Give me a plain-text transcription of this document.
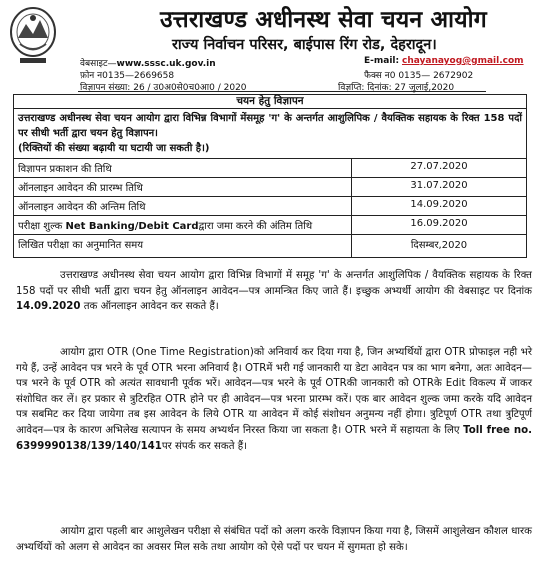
उत्तराखण्ड अधीनस्थ सेवा चयन आयोग
राज्य निर्वाचन परिसर, बाईपास रिंग रोड, देहरादून।
वेबसाइट—www.sssc.uk.gov.in	E-mail: chayanayog@gmail.com
फ़ोन न0135—2669658	फैक्स न0 0135— 2672902
विज्ञापन संख्या: 26 / उ0अ0से0च0आ0 / 2020	विज्ञप्ति: दिनांक: 27 जुलाई,2020
चयन हेतु विज्ञापन
उत्तराखण्ड अधीनस्थ सेवा चयन आयोग द्वारा विभिन्न विभागों मेंसमूह 'ग' के अन्तर्गत आशुलिपिक / वैयक्तिक सहायक के रिक्त 158 पदों पर सीधी भर्ती द्वारा चयन हेतु विज्ञापन।
(रिक्तियों की संख्या बढ़ायी या घटायी जा सकती है।)
विज्ञापन प्रकाशन की तिथि	27.07.2020
ऑनलाइन आवेदन की प्रारम्भ तिथि	31.07.2020
ऑनलाइन आवेदन की अन्तिम तिथि	14.09.2020
परीक्षा शुल्क Net Banking/Debit Cardद्वारा जमा करने की अंतिम तिथि	16.09.2020
लिखित परीक्षा का अनुमानित समय	दिसम्बर,2020
उत्तराखण्ड अधीनस्थ सेवा चयन आयोग द्वारा विभिन्न विभागों में समूह 'ग' के अन्तर्गत आशुलिपिक / वैयक्तिक सहायक के रिक्त 158 पदों पर सीधी भर्ती द्वारा चयन हेतु ऑनलाइन आवेदन—पत्र आमन्त्रित किए जाते हैं। इच्छुक अभ्यर्थी आयोग की वेबसाइट पर दिनांक 14.09.2020 तक ऑनलाइन आवेदन कर सकते हैं।
आयोग द्वारा OTR (One Time Registration)को अनिवार्य कर दिया गया है, जिन अभ्यर्थियों द्वारा OTR प्रोफाइल नही भरे गये हैं, उन्हें आवेदन पत्र भरने के पूर्व OTR भरना अनिवार्य है। OTRमें भरी गई जानकारी या डेटा आवेदन पत्र का भाग बनेगा, अतः आवेदन—पत्र भरने के पूर्व OTR को अत्यंत सावधानी पूर्वक भरें। आवेदन—पत्र भरने के पूर्व OTRकी जानकारी को OTRके Edit विकल्प में जाकर संशोधित कर लें। हर प्रकार से त्रुटिरहित OTR होने पर ही आवेदन—पत्र भरना प्रारम्भ करें। एक बार आवेदन शुल्क जमा करके यदि आवेदन पत्र सबमिट कर दिया जायेगा तब इस आवेदन के लिये OTR या आवेदन में कोई संशोधन अनुमन्य नहीं होगा। त्रुटिपूर्ण OTR तथा त्रुटिपूर्ण आवेदन—पत्र के कारण अभिलेख सत्यापन के समय अभ्यर्थन निरस्त किया जा सकता है। OTR भरने में सहायता के लिए Toll free no. 6399990138/139/140/141पर संपर्क कर सकते हैं।
आयोग द्वारा पहली बार आशुलेखन परीक्षा से संबंधित पदों को अलग करके विज्ञापन किया गया है, जिसमें आशुलेखन कौशल धारक अभ्यर्थियों को अलग से आवेदन का अवसर मिल सके तथा आयोग को ऐसे पदों पर चयन में सुगमता हो सके।
